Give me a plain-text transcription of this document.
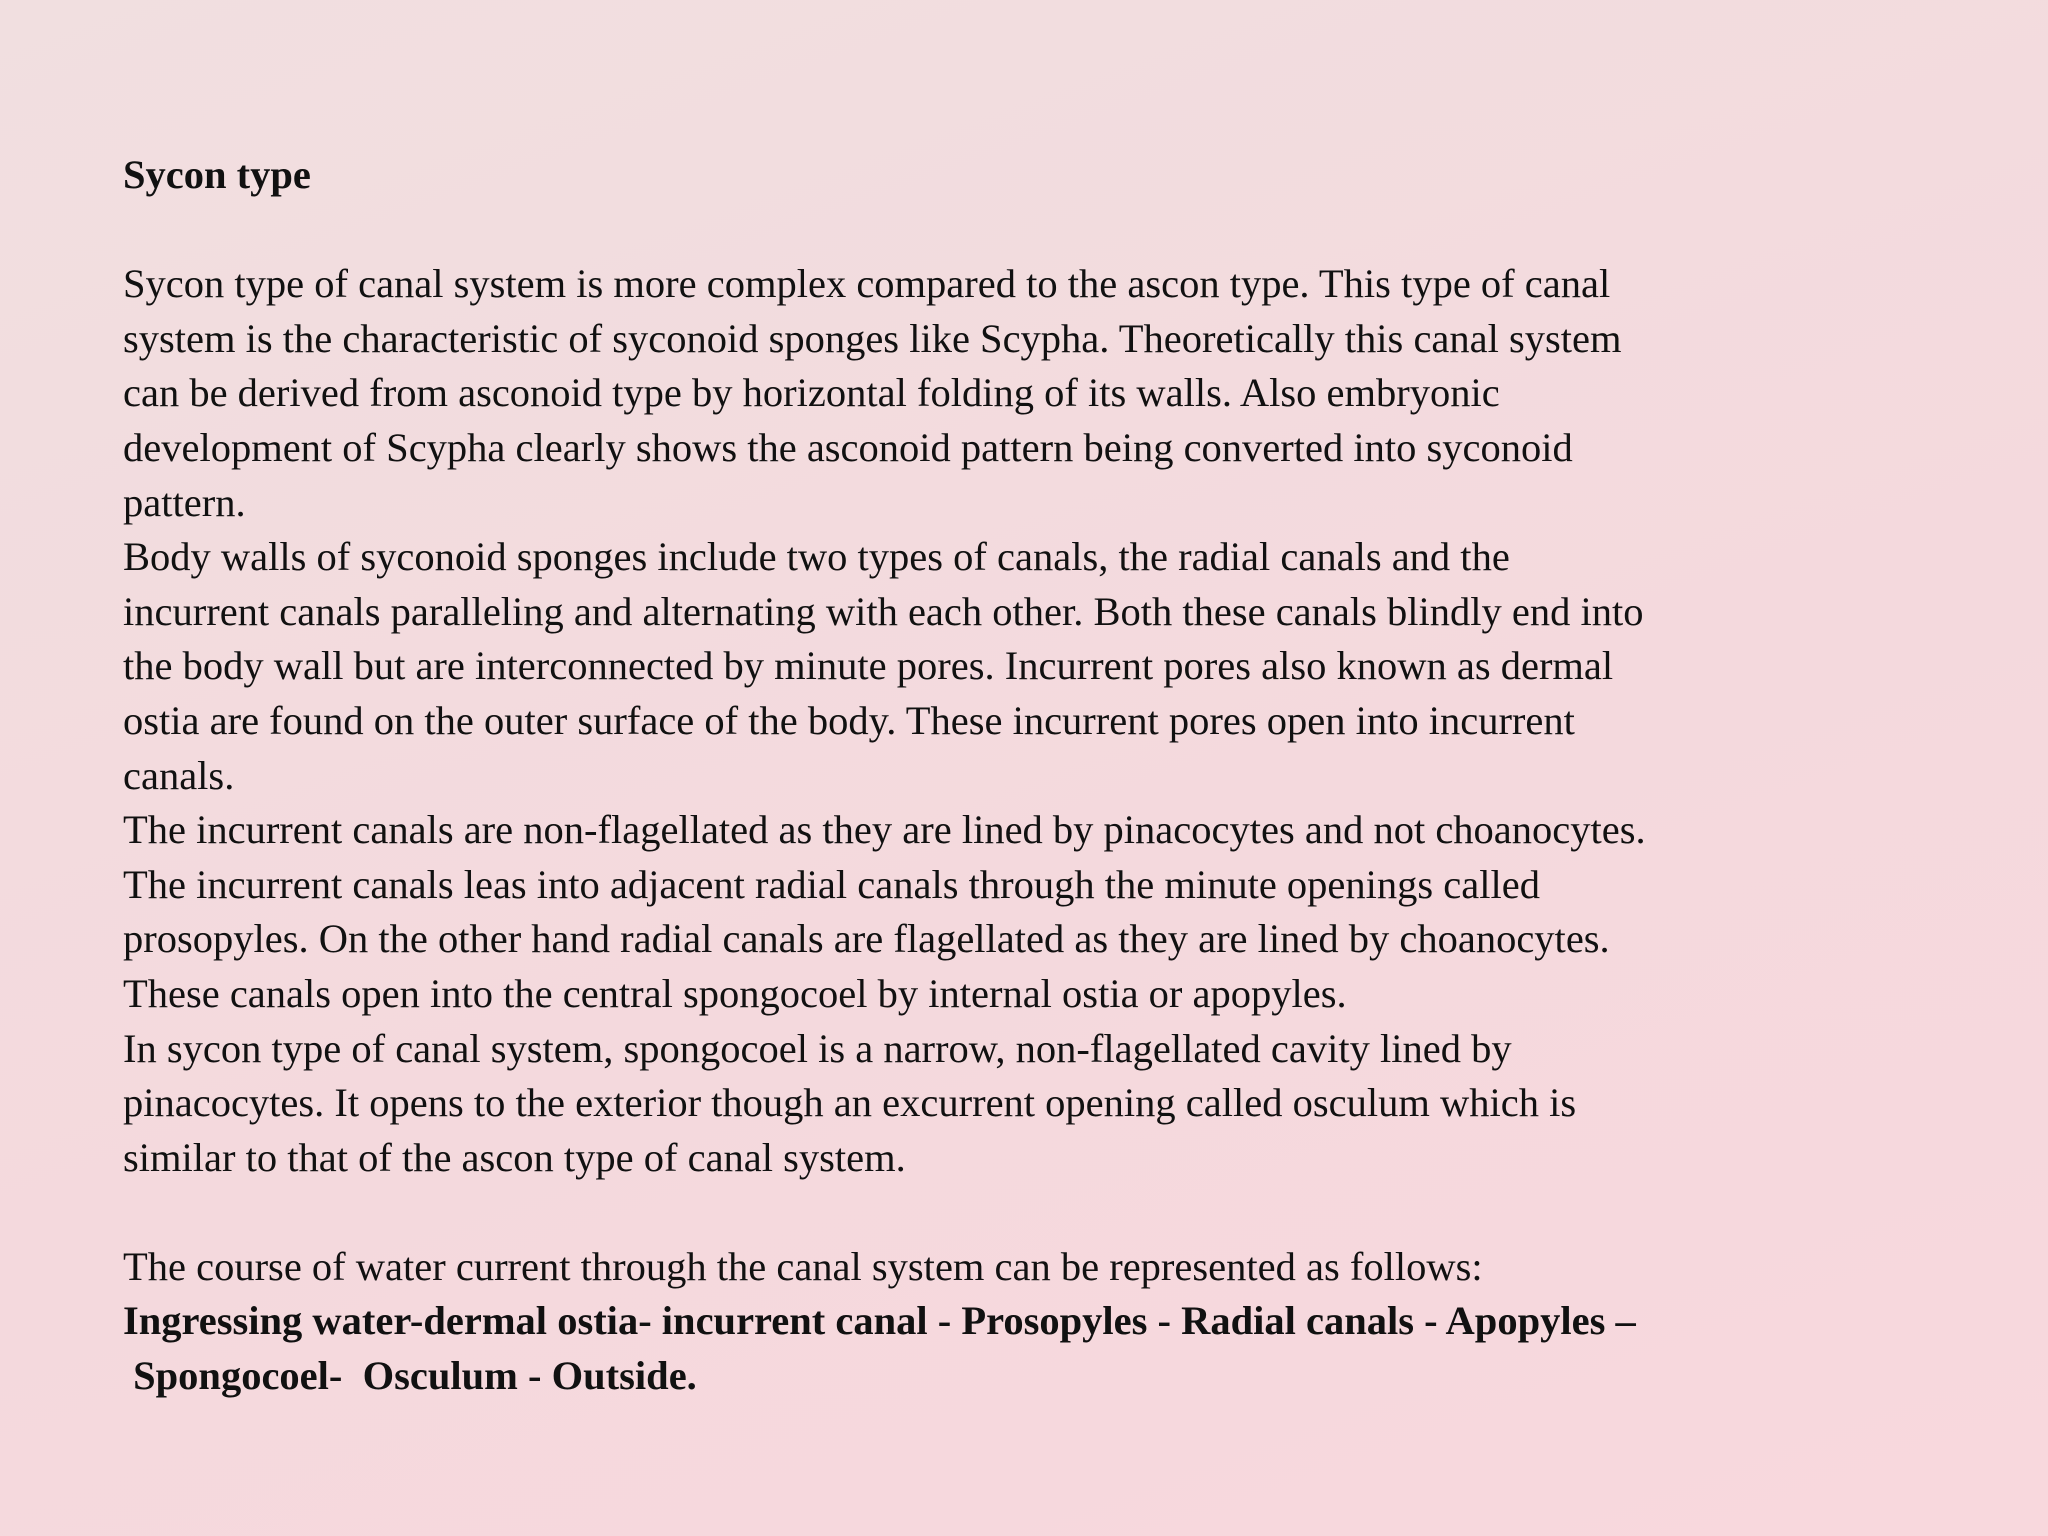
Sycon type
Sycon type of canal system is more complex compared to the ascon type. This type of canal
system is the characteristic of syconoid sponges like Scypha. Theoretically this canal system
can be derived from asconoid type by horizontal folding of its walls. Also embryonic
development of Scypha clearly shows the asconoid pattern being converted into syconoid
pattern.
Body walls of syconoid sponges include two types of canals, the radial canals and the
incurrent canals paralleling and alternating with each other. Both these canals blindly end into
the body wall but are interconnected by minute pores. Incurrent pores also known as dermal
ostia are found on the outer surface of the body. These incurrent pores open into incurrent
canals.
The incurrent canals are non-flagellated as they are lined by pinacocytes and not choanocytes.
The incurrent canals leas into adjacent radial canals through the minute openings called
prosopyles. On the other hand radial canals are flagellated as they are lined by choanocytes.
These canals open into the central spongocoel by internal ostia or apopyles.
In sycon type of canal system, spongocoel is a narrow, non-flagellated cavity lined by
pinacocytes. It opens to the exterior though an excurrent opening called osculum which is
similar to that of the ascon type of canal system.
The course of water current through the canal system can be represented as follows:
Ingressing water-dermal ostia- incurrent canal - Prosopyles - Radial canals - Apopyles –
Spongocoel-  Osculum - Outside.
